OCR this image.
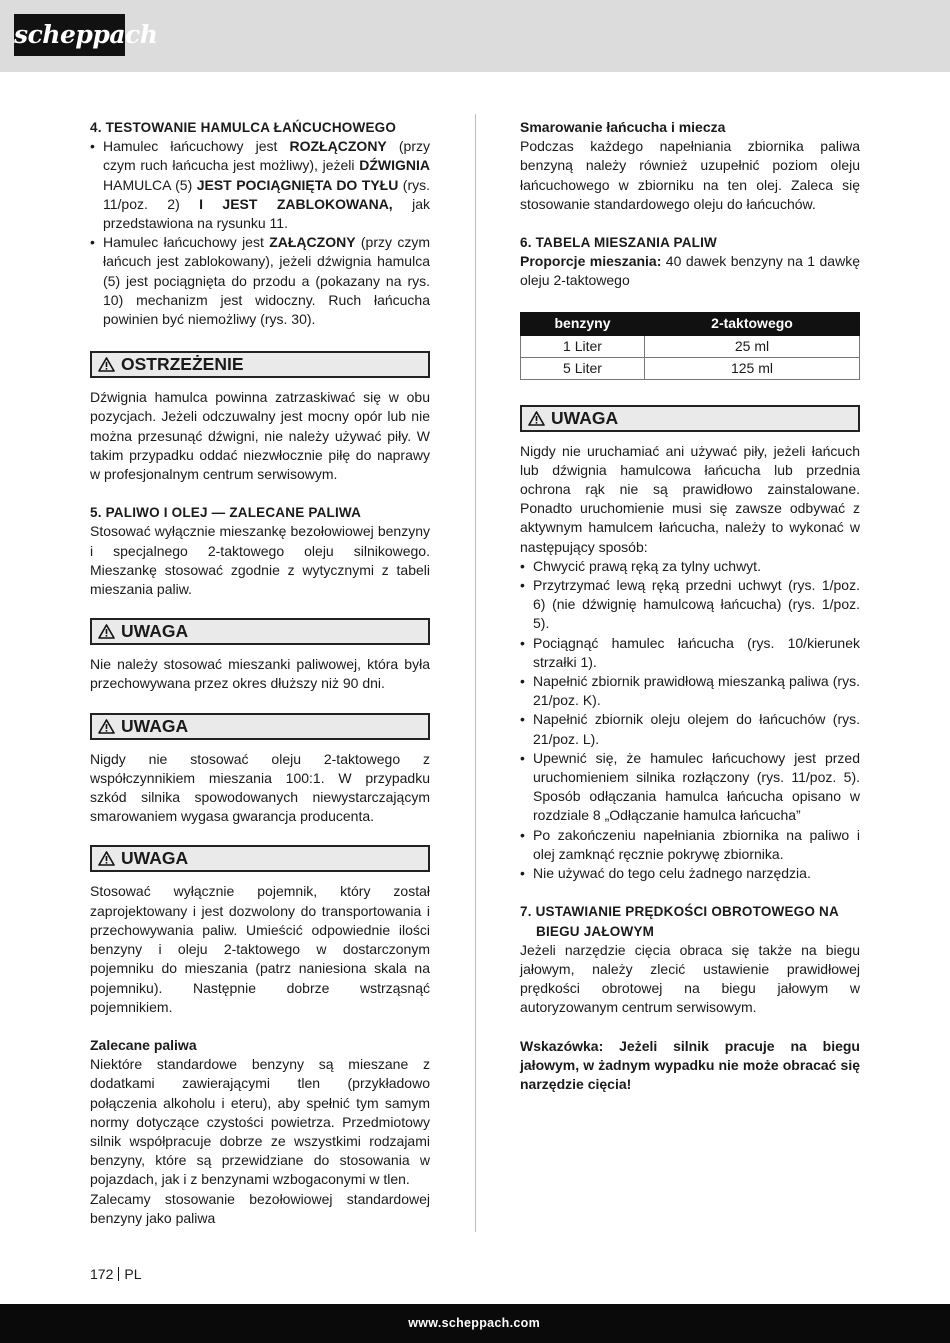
scheppach

4. TESTOWANIE HAMULCA ŁAŃCUCHOWEGO

• Hamulec łańcuchowy jest ROZŁĄCZONY (przy czym ruch łańcucha jest możliwy), jeżeli DŹWIGNIA HAMULCA (5) JEST POCIĄGNIĘTA DO TYŁU (rys. 11/poz. 2) I JEST ZABLOKOWANA, jak przedstawiona na rysunku 11.
• Hamulec łańcuchowy jest ZAŁĄCZONY (przy czym łańcuch jest zablokowany), jeżeli dźwignia hamulca (5) jest pociągnięta do przodu a (pokazany na rys. 10) mechanizm jest widoczny. Ruch łańcucha powinien być niemożliwy (rys. 30).
OSTRZEŻENIE

Dźwignia hamulca powinna zatrzaskiwać się w obu pozycjach. Jeżeli odczuwalny jest mocny opór lub nie można przesunąć dźwigni, nie należy używać piły. W takim przypadku oddać niezwłocznie piłę do naprawy w profesjonalnym centrum serwisowym.

5. PALIWO I OLEJ — ZALECANE PALIWA

Stosować wyłącznie mieszankę bezołowiowej benzyny i specjalnego 2-taktowego oleju silnikowego. Mieszankę stosować zgodnie z wytycznymi z tabeli mieszania paliw.

UWAGA

Nie należy stosować mieszanki paliwowej, która była przechowywana przez okres dłuższy niż 90 dni.

UWAGA

Nigdy nie stosować oleju 2-taktowego z współczynnikiem mieszania 100:1. W przypadku szkód silnika spowodowanych niewystarczającym smarowaniem wygasa gwarancja producenta.

UWAGA

Stosować wyłącznie pojemnik, który został zaprojektowany i jest dozwolony do transportowania i przechowywania paliw. Umieścić odpowiednie ilości benzyny i oleju 2-taktowego w dostarczonym pojemniku do mieszania (patrz naniesiona skala na pojemniku). Następnie dobrze wstrząsnąć pojemnikiem.

Zalecane paliwa

Niektóre standardowe benzyny są mieszane z dodatkami zawierającymi tlen (przykładowo połączenia alkoholu i eteru), aby spełnić tym samym normy dotyczące czystości powietrza. Przedmiotowy silnik współpracuje dobrze ze wszystkimi rodzajami benzyny, które są przewidziane do stosowania w pojazdach, jak i z benzynami wzbogaconymi w tlen.

Zalecamy stosowanie bezołowiowej standardowej benzyny jako paliwa

Smarowanie łańcucha i miecza

Podczas każdego napełniania zbiornika paliwa benzyną należy również uzupełnić poziom oleju łańcuchowego w zbiorniku na ten olej. Zaleca się stosowanie standardowego oleju do łańcuchów.

6. TABELA MIESZANIA PALIW

Proporcje mieszania: 40 dawek benzyny na 1 dawkę oleju 2-taktowego

benzyny	2-taktowego
1 Liter	25 ml
5 Liter	125 ml
UWAGA

Nigdy nie uruchamiać ani używać piły, jeżeli łańcuch lub dźwignia hamulcowa łańcucha lub przednia ochrona rąk nie są prawidłowo zainstalowane. Ponadto uruchomienie musi się zawsze odbywać z aktywnym hamulcem łańcucha, należy to wykonać w następujący sposób:

• Chwycić prawą ręką za tylny uchwyt.
• Przytrzymać lewą ręką przedni uchwyt (rys. 1/poz. 6) (nie dźwignię hamulcową łańcucha) (rys. 1/poz. 5).
• Pociągnąć hamulec łańcucha (rys. 10/kierunek strzałki 1).
• Napełnić zbiornik prawidłową mieszanką paliwa (rys. 21/poz. K).
• Napełnić zbiornik oleju olejem do łańcuchów (rys. 21/poz. L).
• Upewnić się, że hamulec łańcuchowy jest przed uruchomieniem silnika rozłączony (rys. 11/poz. 5). Sposób odłączania hamulca łańcucha opisano w rozdziale 8 „Odłączanie hamulca łańcucha”
• Po zakończeniu napełniania zbiornika na paliwo i olej zamknąć ręcznie pokrywę zbiornika.
• Nie używać do tego celu żadnego narzędzia.

7. USTAWIANIE PRĘDKOŚCI OBROTOWEGO NA

BIEGU JAŁOWYM

Jeżeli narzędzie cięcia obraca się także na biegu jałowym, należy zlecić ustawienie prawidłowej prędkości obrotowej na biegu jałowym w autoryzowanym centrum serwisowym.

Wskazówka: Jeżeli silnik pracuje na biegu jałowym, w żadnym wypadku nie może obracać się narzędzie cięcia!

172 PL
www.scheppach.com
